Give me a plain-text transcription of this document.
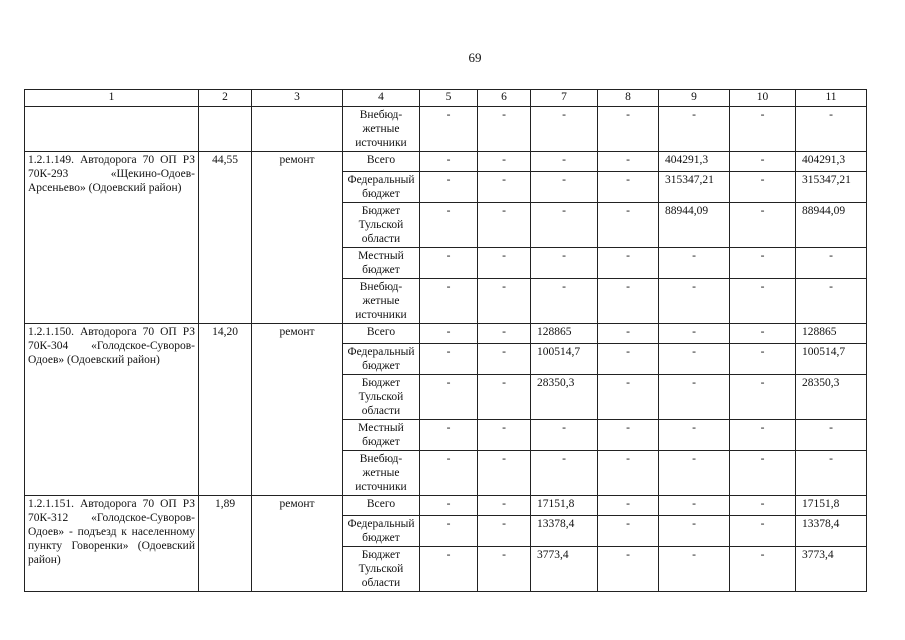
69
1	2	3	4	5	6	7	8	9	10	11
			Внебюд-жетные источники	-	-	-	-	-	-	-
1.2.1.149. Автодорога 70 ОП РЗ 70К-293 «Щекино-Одоев-Арсеньево» (Одоевский район)	44,55	ремонт	Всего	-	-	-	-	404291,3	-	404291,3
			Федеральный бюджет	-	-	-	-	315347,21	-	315347,21
			Бюджет Тульской области	-	-	-	-	88944,09	-	88944,09
			Местный бюджет	-	-	-	-	-	-	-
			Внебюд-жетные источники	-	-	-	-	-	-	-
1.2.1.150. Автодорога 70 ОП РЗ 70К-304 «Голодское-Суворов-Одоев» (Одоевский район)	14,20	ремонт	Всего	-	-	128865	-	-	-	128865
			Федеральный бюджет	-	-	100514,7	-	-	-	100514,7
			Бюджет Тульской области	-	-	28350,3	-	-	-	28350,3
			Местный бюджет	-	-	-	-	-	-	-
			Внебюд-жетные источники	-	-	-	-	-	-	-
1.2.1.151. Автодорога 70 ОП РЗ 70К-312 «Голодское-Суворов-Одоев» - подъезд к населенному пункту Говоренки» (Одоевский район)	1,89	ремонт	Всего	-	-	17151,8	-	-	-	17151,8
			Федеральный бюджет	-	-	13378,4	-	-	-	13378,4
			Бюджет Тульской области	-	-	3773,4	-	-	-	3773,4
